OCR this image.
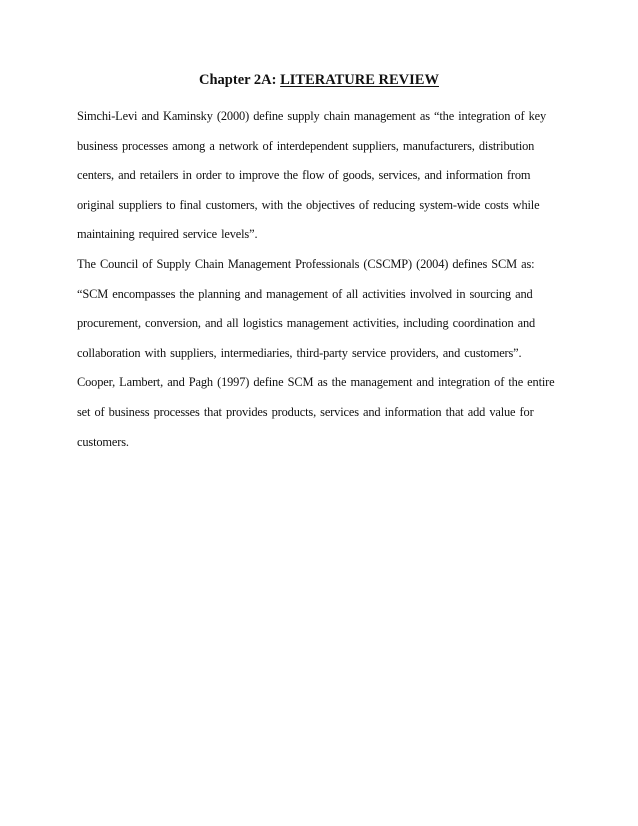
Chapter 2A: LITERATURE REVIEW
Simchi-Levi and Kaminsky (2000) define supply chain management as “the integration of key
business processes among a network of interdependent suppliers, manufacturers, distribution
centers, and retailers in order to improve the flow of goods, services, and information from
original suppliers to final customers, with the objectives of reducing system-wide costs while
maintaining required service levels”.
The Council of Supply Chain Management Professionals (CSCMP) (2004) defines SCM as:
“SCM encompasses the planning and management of all activities involved in sourcing and
procurement, conversion, and all logistics management activities, including coordination and
collaboration with suppliers, intermediaries, third-party service providers, and customers”.
Cooper, Lambert, and Pagh (1997) define SCM as the management and integration of the entire
set of business processes that provides products, services and information that add value for
customers.
